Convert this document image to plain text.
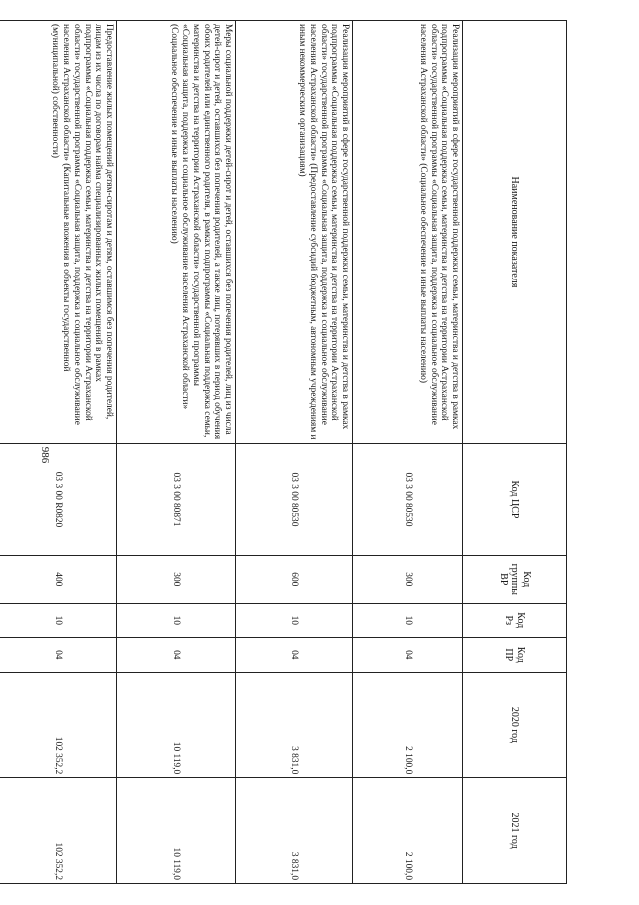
986
Наименование показателя	Код ЦСР	Код группы ВР	Код Рз	Код ПР	2020 год	2021 год
Реализация мероприятий в сфере государственной поддержки семьи, материнства и детства в рамках подпрограммы «Социальная поддержка семьи, материнства и детства на территории Астраханской области» государственной программы «Социальная защита, поддержка и социальное обслуживание населения Астраханской области» (Социальное обеспечение и иные выплаты населению)	03 3 00 80530	300	10	04	2 100,0	2 100,0
Реализация мероприятий в сфере государственной поддержки семьи, материнства и детства в рамках подпрограммы «Социальная поддержка семьи, материнства и детства на территории Астраханской области» государственной программы «Социальная защита, поддержка и социальное обслуживание населения Астраханской области» (Предоставление субсидий бюджетным, автономным учреждениям и иным некоммерческим организациям)	03 3 00 80530	600	10	04	3 831,0	3 831,0
Меры социальной поддержки детей-сирот и детей, оставшихся без попечения родителей, лиц из числа детей-сирот и детей, оставшихся без попечения родителей, а также лиц, потерявших в период обучения обоих родителей или единственного родителя, в рамках подпрограммы «Социальная поддержка семьи, материнства и детства на территории Астраханской области» государственной программы «Социальная защита, поддержка и социальное обслуживание населения Астраханской области» (Социальное обеспечение и иные выплаты населению)	03 3 00 80871	300	10	04	10 119,0	10 119,0
Предоставление жилых помещений детям-сиротам и детям, оставшимся без попечения родителей, лицам из их числа по договорам найма специализированных жилых помещений в рамках подпрограммы «Социальная поддержка семьи, материнства и детства на территории Астраханской области» государственной программы «Социальная защита, поддержка и социальное обслуживание населения Астраханской области» (Капитальные вложения в объекты государственной (муниципальной) собственности)	03 3 00 R0820	400	10	04	102 352,2	102 352,2
